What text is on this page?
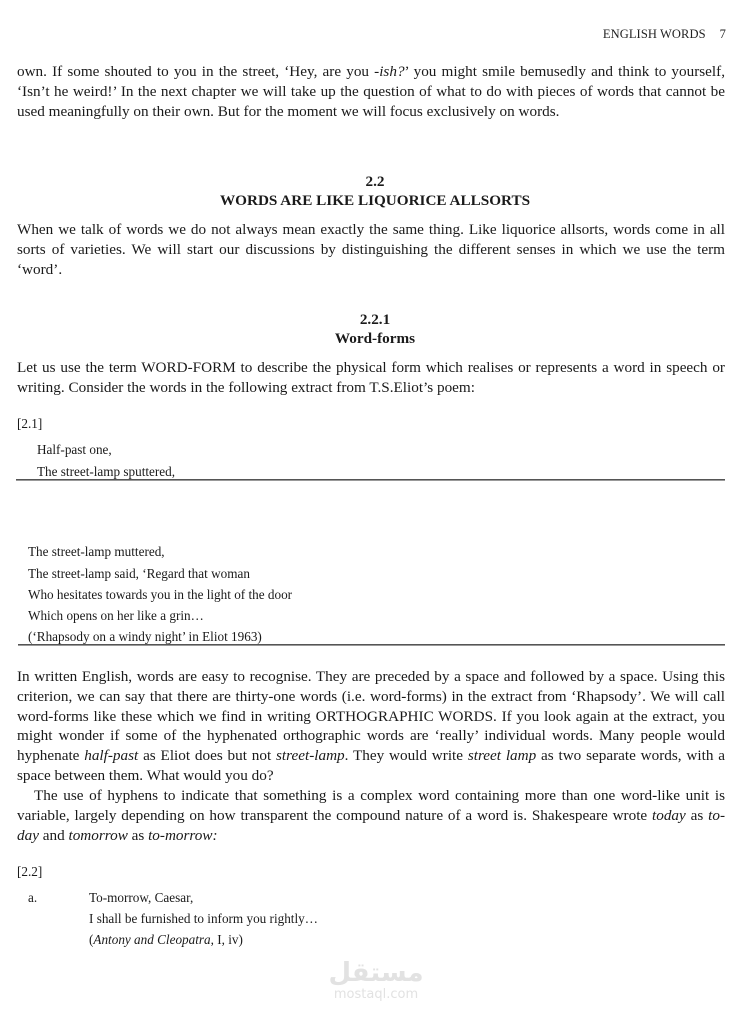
ENGLISH WORDS 7

own. If some shouted to you in the street, ‘Hey, are you -ish?’ you might smile bemusedly and think to yourself, ‘Isn’t he weird!’ In the next chapter we will take up the question of what to do with pieces of words that cannot be used meaningfully on their own. But for the moment we will focus exclusively on words.

2.2
WORDS ARE LIKE LIQUORICE ALLSORTS

When we talk of words we do not always mean exactly the same thing. Like liquorice allsorts, words come in all sorts of varieties. We will start our discussions by distinguishing the different senses in which we use the term ‘word’.

2.2.1
Word-forms

Let us use the term WORD-FORM to describe the physical form which realises or represents a word in speech or writing. Consider the words in the following extract from T.S.Eliot’s poem:

[2.1]
Half-past one,
The street-lamp sputtered,
The street-lamp muttered,
The street-lamp said, ‘Regard that woman
Who hesitates towards you in the light of the door
Which opens on her like a grin…
(‘Rhapsody on a windy night’ in Eliot 1963)

In written English, words are easy to recognise. They are preceded by a space and followed by a space. Using this criterion, we can say that there are thirty-one words (i.e. word-forms) in the extract from ‘Rhapsody’. We will call word-forms like these which we find in writing ORTHOGRAPHIC WORDS. If you look again at the extract, you might wonder if some of the hyphenated orthographic words are ‘really’ individual words. Many people would hyphenate half-past as Eliot does but not street-lamp. They would write street lamp as two separate words, with a space between them. What would you do?

The use of hyphens to indicate that something is a complex word containing more than one word-like unit is variable, largely depending on how transparent the compound nature of a word is. Shakespeare wrote today as to-day and tomorrow as to-morrow:

[2.2]
a.	To-morrow, Caesar,
I shall be furnished to inform you rightly…
(Antony and Cleopatra, I, iv)
مستقل
mostaql.com
